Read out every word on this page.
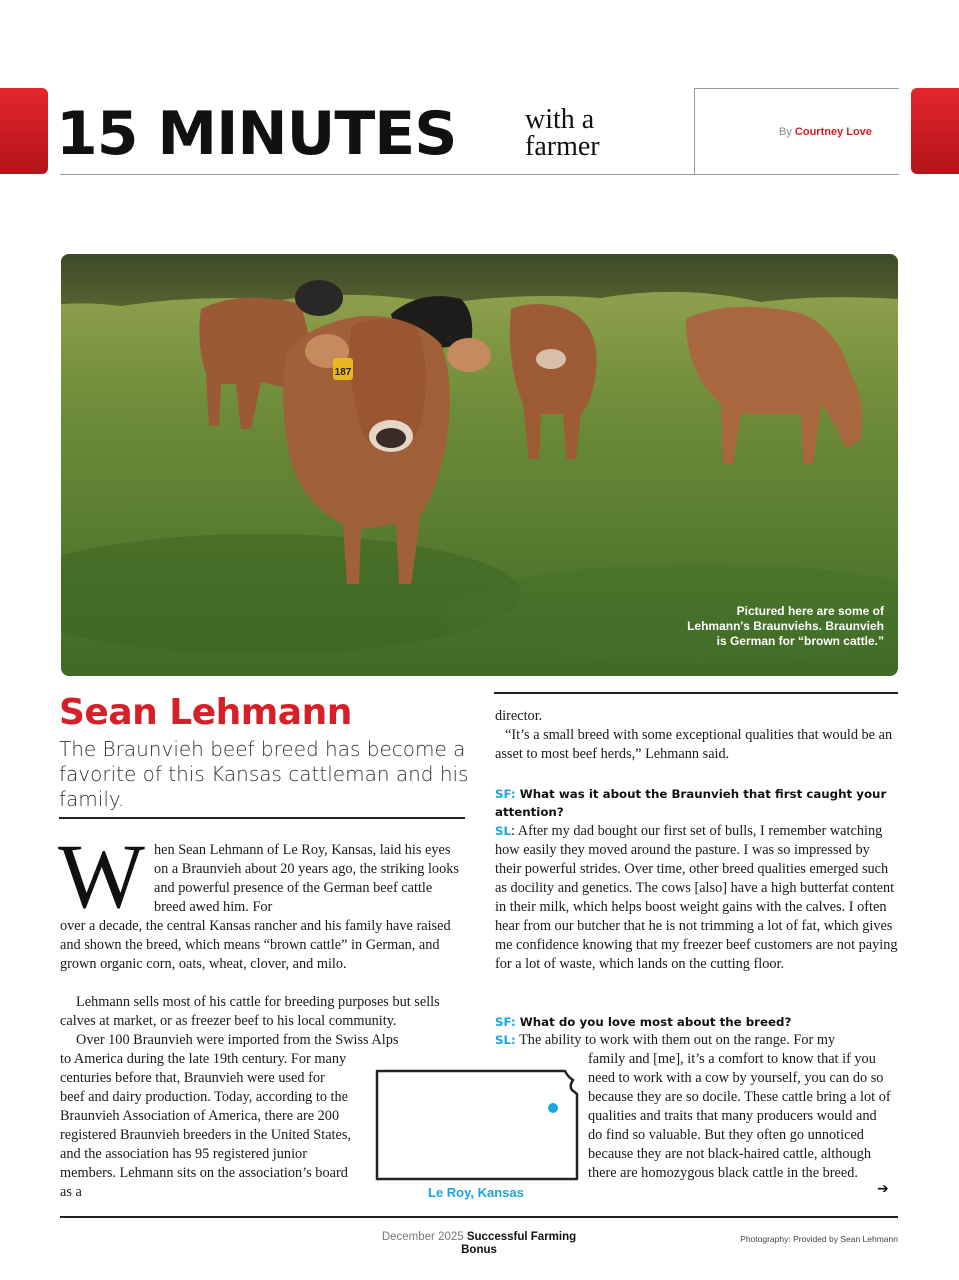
15 MINUTES with a
farmer	By Courtney Love
187
Pictured here are some of Lehmann's Braunviehs. Braunvieh is German for “brown cattle.”
Sean Lehmann
The Braunvieh beef breed has become a favorite of this Kansas cattleman and his family.
W hen Sean Lehmann of Le Roy, Kansas, laid his eyes on a Braunvieh about 20 years ago, the striking looks and powerful presence of the German beef cattle breed awed him. For
over a decade, the central Kansas rancher and his family have raised and shown the breed, which means “brown cattle” in German, and grown organic corn, oats, wheat, clover, and milo.
Lehmann sells most of his cattle for breeding purposes but sells calves at market, or as freezer beef to his local community.
Over 100 Braunvieh were imported from the Swiss Alps
to America during the late 19th century. For many centuries before that, Braunvieh were used for beef and dairy production. Today, according to the Braunvieh Association of America, there are 200 registered Braunvieh breeders in the United States, and the association has 95 registered junior members. Lehmann sits on the association’s board as a	Le Roy, Kansas
director.
“It’s a small breed with some exceptional qualities that would be an asset to most beef herds,” Lehmann said.
SF: What was it about the Braunvieh that first caught your attention?
SL: After my dad bought our first set of bulls, I remember watching how easily they moved around the pasture. I was so impressed by their powerful strides. Over time, other breed qualities emerged such as docility and genetics. The cows [also] have a high butterfat content in their milk, which helps boost weight gains with the calves. I often hear from our butcher that he is not trimming a lot of fat, which gives me confidence knowing that my freezer beef customers are not paying for a lot of waste, which lands on the cutting floor.
SF: What do you love most about the breed?
SL: The ability to work with them out on the range. For my
family and [me], it’s a comfort to know that if you need to work with a cow by yourself, you can do so because they are so docile. These cattle bring a lot of qualities and traits that many producers would and do find so valuable. But they often go unnoticed because they are not black-haired cattle, although there are homozygous black cattle in the breed.
➔
December 2025 Successful Farming
Bonus
Photography: Provided by Sean Lehmann
